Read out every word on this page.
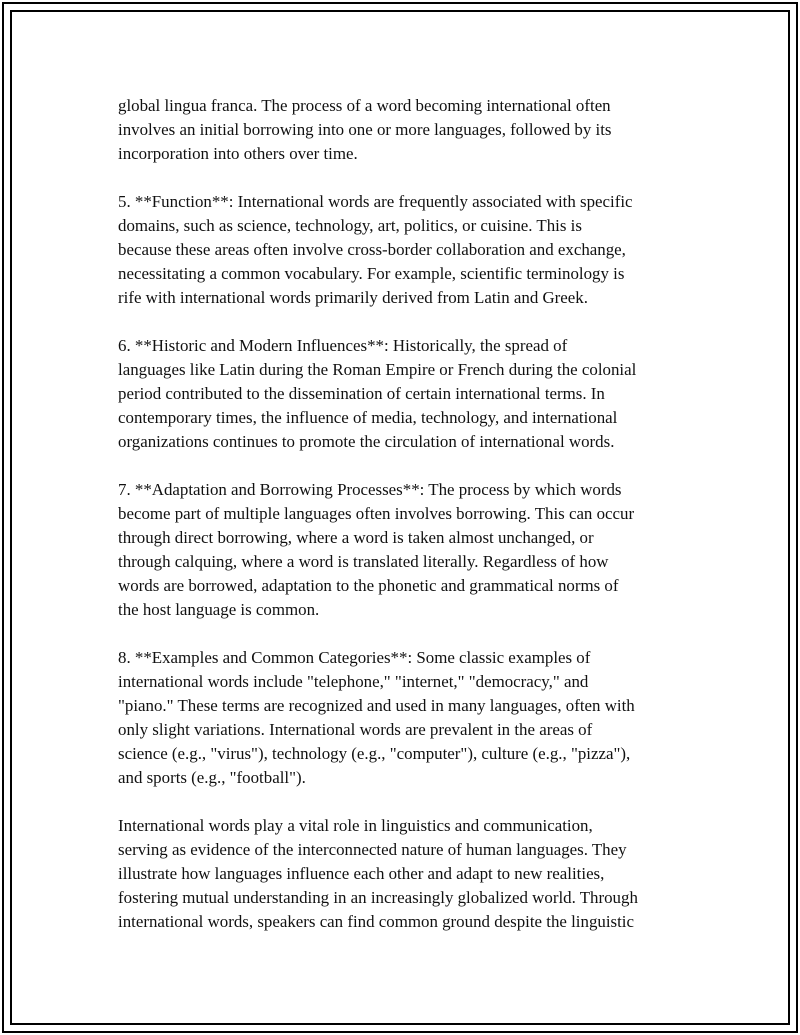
global lingua franca. The process of a word becoming international often
involves an initial borrowing into one or more languages, followed by its
incorporation into others over time.

5. **Function**: International words are frequently associated with specific
domains, such as science, technology, art, politics, or cuisine. This is
because these areas often involve cross-border collaboration and exchange,
necessitating a common vocabulary. For example, scientific terminology is
rife with international words primarily derived from Latin and Greek.

6. **Historic and Modern Influences**: Historically, the spread of
languages like Latin during the Roman Empire or French during the colonial
period contributed to the dissemination of certain international terms. In
contemporary times, the influence of media, technology, and international
organizations continues to promote the circulation of international words.

7. **Adaptation and Borrowing Processes**: The process by which words
become part of multiple languages often involves borrowing. This can occur
through direct borrowing, where a word is taken almost unchanged, or
through calquing, where a word is translated literally. Regardless of how
words are borrowed, adaptation to the phonetic and grammatical norms of
the host language is common.

8. **Examples and Common Categories**: Some classic examples of
international words include "telephone," "internet," "democracy," and
"piano." These terms are recognized and used in many languages, often with
only slight variations. International words are prevalent in the areas of
science (e.g., "virus"), technology (e.g., "computer"), culture (e.g., "pizza"),
and sports (e.g., "football").

International words play a vital role in linguistics and communication,
serving as evidence of the interconnected nature of human languages. They
illustrate how languages influence each other and adapt to new realities,
fostering mutual understanding in an increasingly globalized world. Through
international words, speakers can find common ground despite the linguistic
